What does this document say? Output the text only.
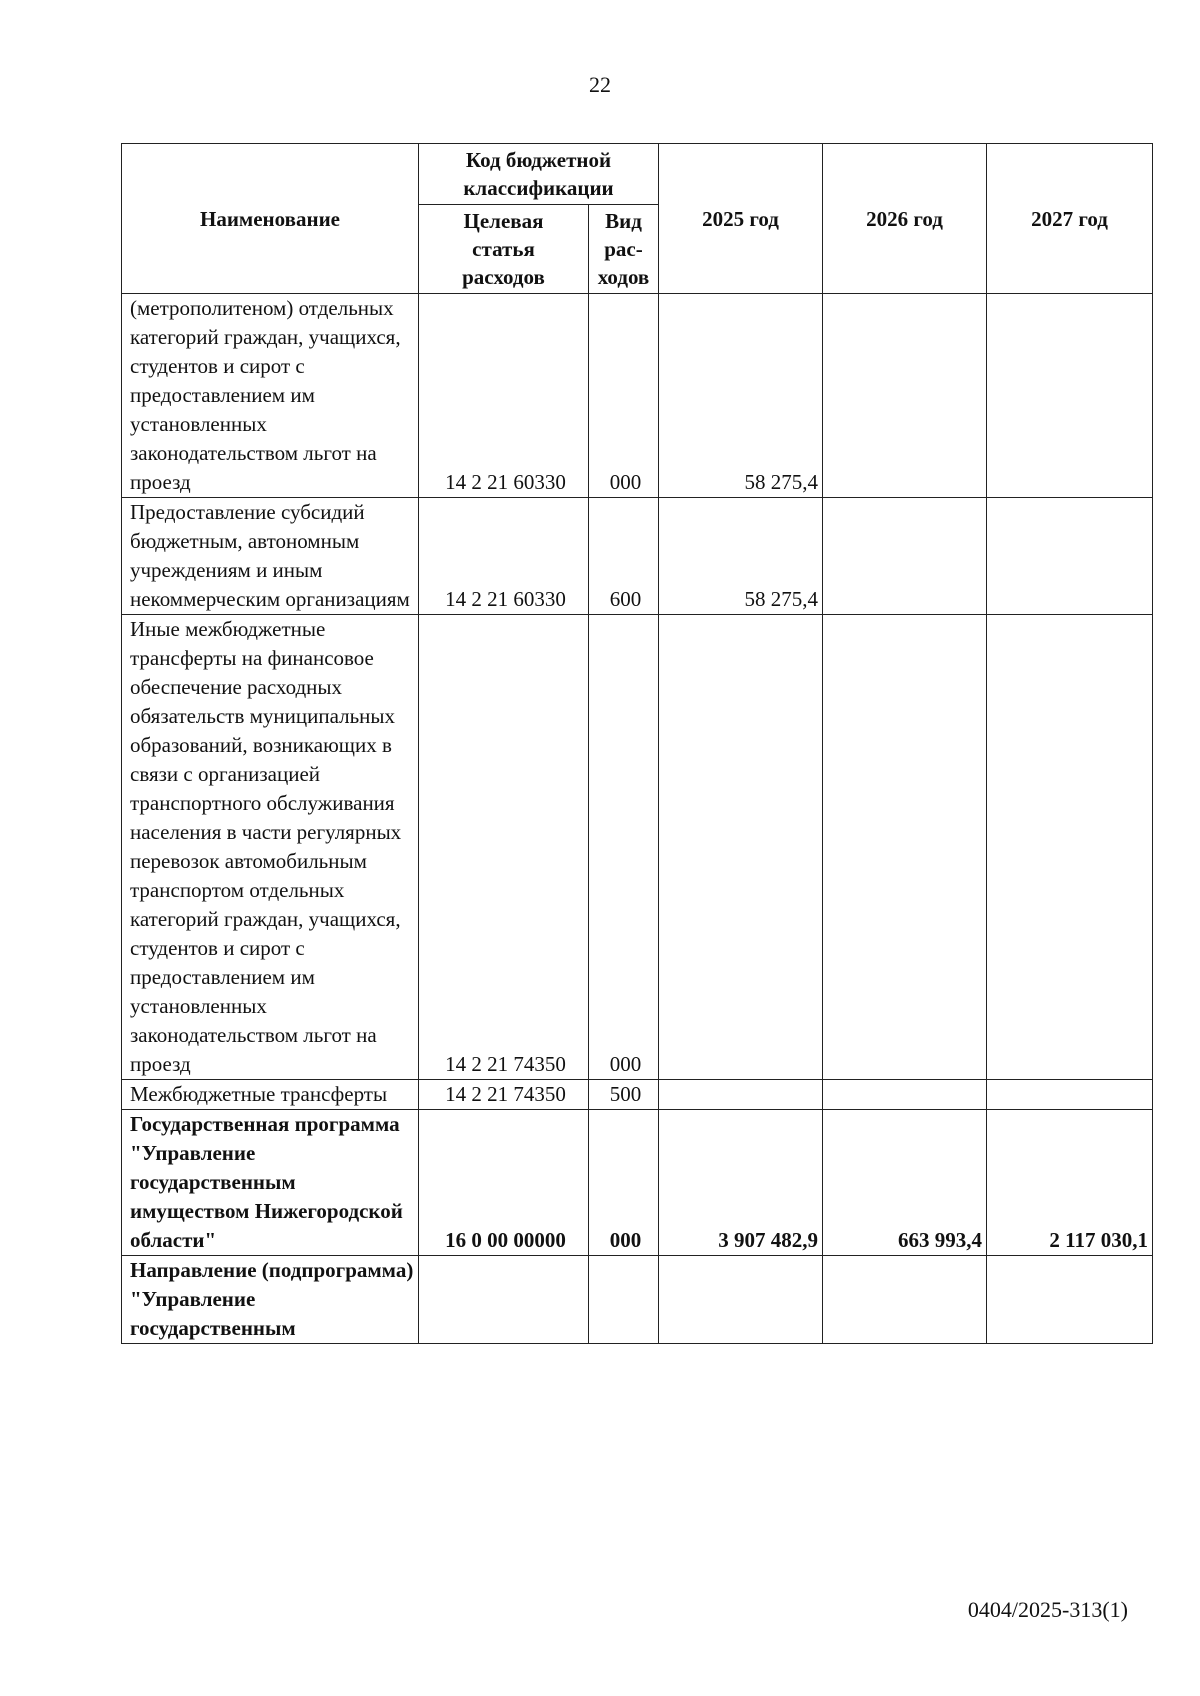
22
Наименование	Код бюджетной классификации		2025 год	2026 год	2027 год
	Целевая статья расходов	Вид рас-ходов			
(метрополитеном) отдельных категорий граждан, учащихся, студентов и сирот с предоставлением им установленных законодательством льгот на проезд	14 2 21 60330	000	58 275,4		
Предоставление субсидий бюджетным, автономным учреждениям и иным некоммерческим организациям	14 2 21 60330	600	58 275,4		
Иные межбюджетные трансферты на финансовое обеспечение расходных обязательств муниципальных образований, возникающих в связи с организацией транспортного обслуживания населения в части регулярных перевозок автомобильным транспортом отдельных категорий граждан, учащихся, студентов и сирот с предоставлением им установленных законодательством льгот на проезд	14 2 21 74350	000			
Межбюджетные трансферты	14 2 21 74350	500			
Государственная программа "Управление государственным имуществом Нижегородской области"	16 0 00 00000	000	3 907 482,9	663 993,4	2 117 030,1
Направление (подпрограмма) "Управление государственным					
0404/2025-313(1)
